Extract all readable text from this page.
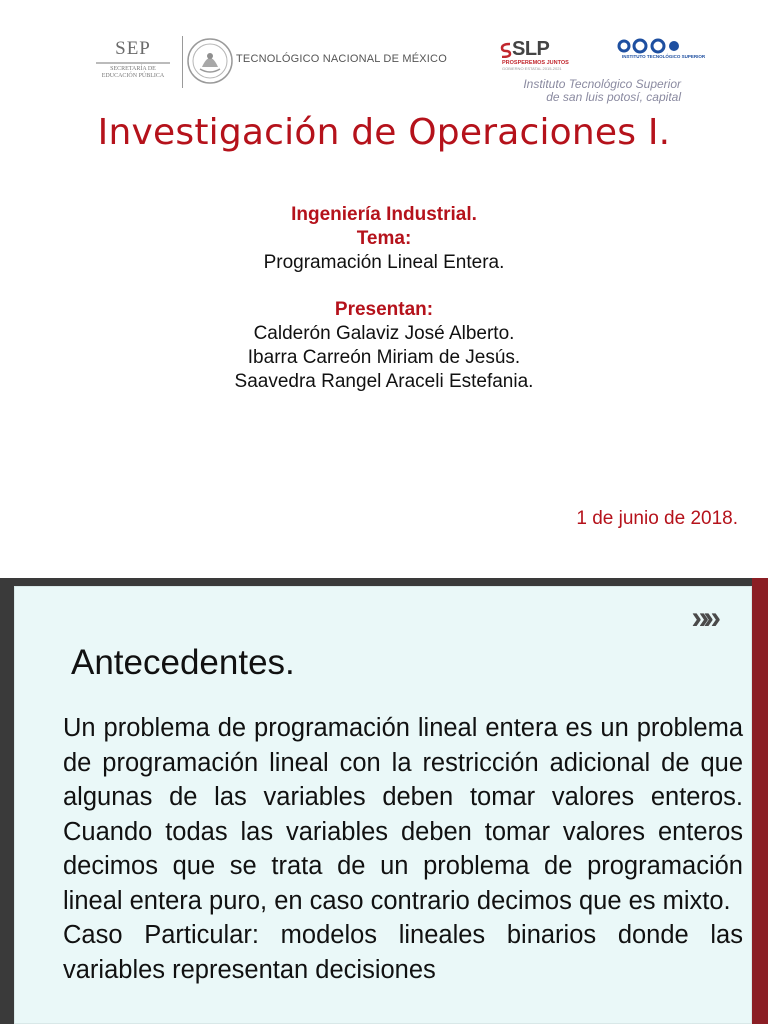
SEP
SECRETARÍA DE
EDUCACIÓN PÚBLICA
TECNOLÓGICO NACIONAL DE MÉXICO	SLP
PROSPEREMOS JUNTOS
GOBIERNO ESTATAL 2015-2021
INSTITUTO TECNOLÓGICO SUPERIOR
Instituto Tecnológico Superior
de san luis potosí, capital
Investigación de Operaciones I.
Ingeniería Industrial.
Tema:
Programación Lineal Entera.
Presentan:
Calderón Galaviz José Alberto.
Ibarra Carreón Miriam de Jesús.
Saavedra Rangel Araceli Estefania.
1 de junio de 2018.
»»
Antecedentes.

Un problema de programación lineal entera es un problema de programación lineal con la restricción adicional de que algunas de las variables deben tomar valores enteros. Cuando todas las variables deben tomar valores enteros decimos que se trata de un problema de programación lineal entera puro, en caso contrario decimos que es mixto.

Caso Particular: modelos lineales binarios donde las variables representan decisiones
